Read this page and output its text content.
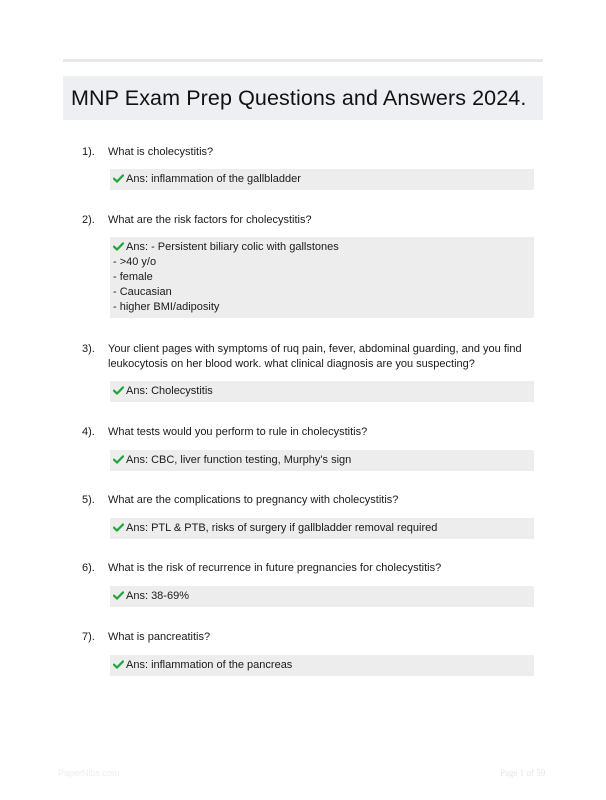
MNP Exam Prep Questions and Answers 2024.
1). What is cholecystitis?
Ans: inflammation of the gallbladder
2). What are the risk factors for cholecystitis?
Ans: - Persistent biliary colic with gallstones
- >40 y/o
- female
- Caucasian
- higher BMI/adiposity
3). Your client pages with symptoms of ruq pain, fever, abdominal guarding, and you find
leukocytosis on her blood work. what clinical diagnosis are you suspecting?
Ans: Cholecystitis
4). What tests would you perform to rule in cholecystitis?
Ans: CBC, liver function testing, Murphy's sign
5). What are the complications to pregnancy with cholecystitis?
Ans: PTL & PTB, risks of surgery if gallbladder removal required
6). What is the risk of recurrence in future pregnancies for cholecystitis?
Ans: 38-69%
7). What is pancreatitis?
Ans: inflammation of the pancreas
PaperNibs.com	Page 1 of 59
